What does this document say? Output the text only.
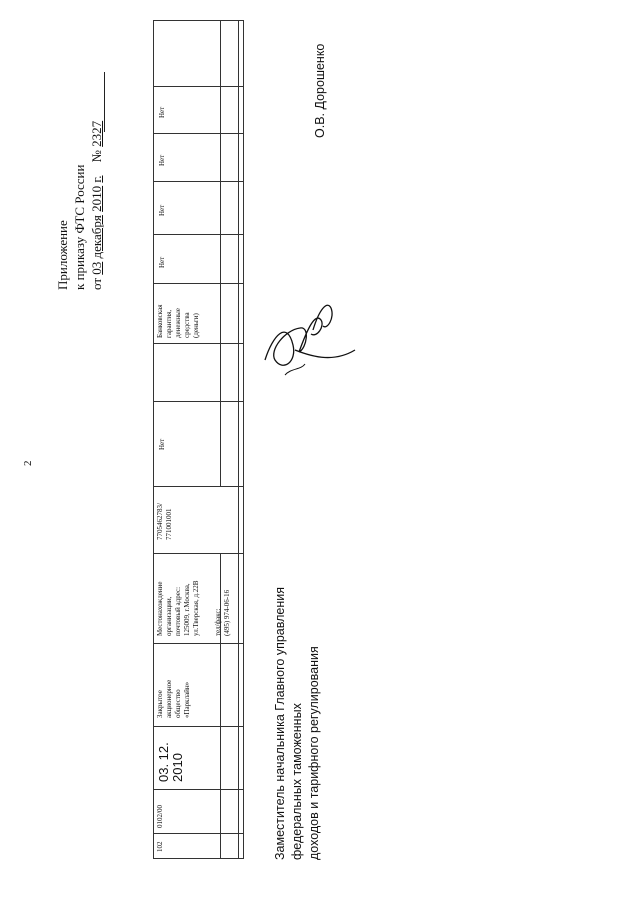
2
Приложение к приказу ФТС России от 03 декабря 2010 г.    № 2327
102
0102/00
03. 12. 2010
Закрытое акционерное общество «Парклайн»
Местонахождение организации, почтовый адрес: 125009, г.Москва, ул.Тверская, д.22В тел/факс: (495) 974-06-16
7705462783/ 771001001
Нет
Банковская гарантия, денежные средства (деньги)
Нет
Нет
Нет
Нет
Заместитель начальника Главного управления федеральных таможенных доходов и тарифного регулирования
О.В. Дорошенко
